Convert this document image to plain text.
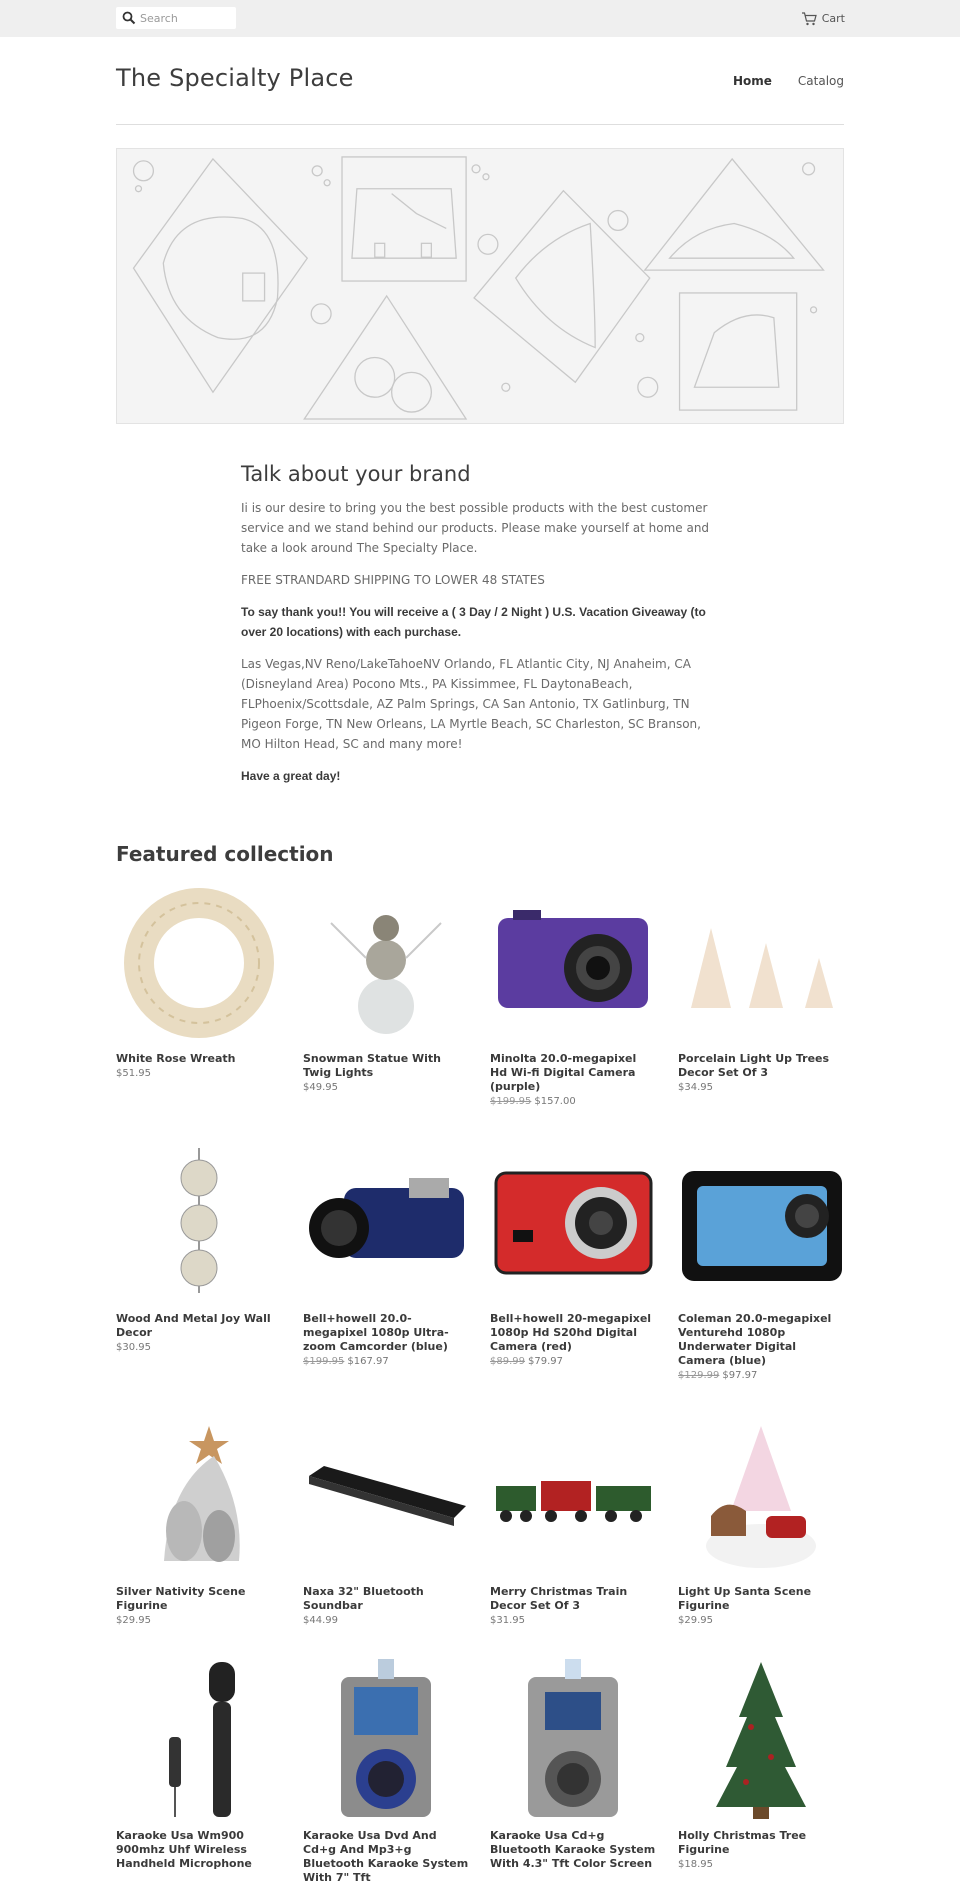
Search
Cart
The Specialty Place	Home Catalog
Talk about your brand

Ii is our desire to bring you the best possible products with the best customer service and we stand behind our products. Please make yourself at home and take a look around The Specialty Place.

FREE STRANDARD SHIPPING TO LOWER 48 STATES

To say thank you!! You will receive a ( 3 Day / 2 Night ) U.S. Vacation Giveaway (to over 20 locations) with each purchase.

Las Vegas,NV Reno/LakeTahoeNV Orlando, FL Atlantic City, NJ Anaheim, CA (Disneyland Area) Pocono Mts., PA Kissimmee, FL DaytonaBeach, FLPhoenix/Scottsdale, AZ Palm Springs, CA San Antonio, TX Gatlinburg, TN Pigeon Forge, TN New Orleans, LA Myrtle Beach, SC Charleston, SC Branson, MO Hilton Head, SC and many more!

Have a great day!

Featured collection
White Rose Wreath
$51.95
Snowman Statue With Twig Lights
$49.95
Minolta 20.0-megapixel Hd Wi-fi Digital Camera (purple)
$199.95 $157.00
Porcelain Light Up Trees Decor Set Of 3
$34.95
Wood And Metal Joy Wall Decor
$30.95
Bell+howell 20.0-megapixel 1080p Ultra-zoom Camcorder (blue)
$199.95 $167.97
Bell+howell 20-megapixel 1080p Hd S20hd Digital Camera (red)
$89.99 $79.97
Coleman 20.0-megapixel Venturehd 1080p Underwater Digital Camera (blue)
$129.99 $97.97
Silver Nativity Scene Figurine
$29.95
Naxa 32" Bluetooth Soundbar
$44.99
Merry Christmas Train Decor Set Of 3
$31.95
Light Up Santa Scene Figurine
$29.95
Karaoke Usa Wm900 900mhz Uhf Wireless Handheld Microphone
Karaoke Usa Dvd And Cd+g And Mp3+g Bluetooth Karaoke System With 7" Tft
Karaoke Usa Cd+g Bluetooth Karaoke System With 4.3" Tft Color Screen
Holly Christmas Tree Figurine
$18.95
